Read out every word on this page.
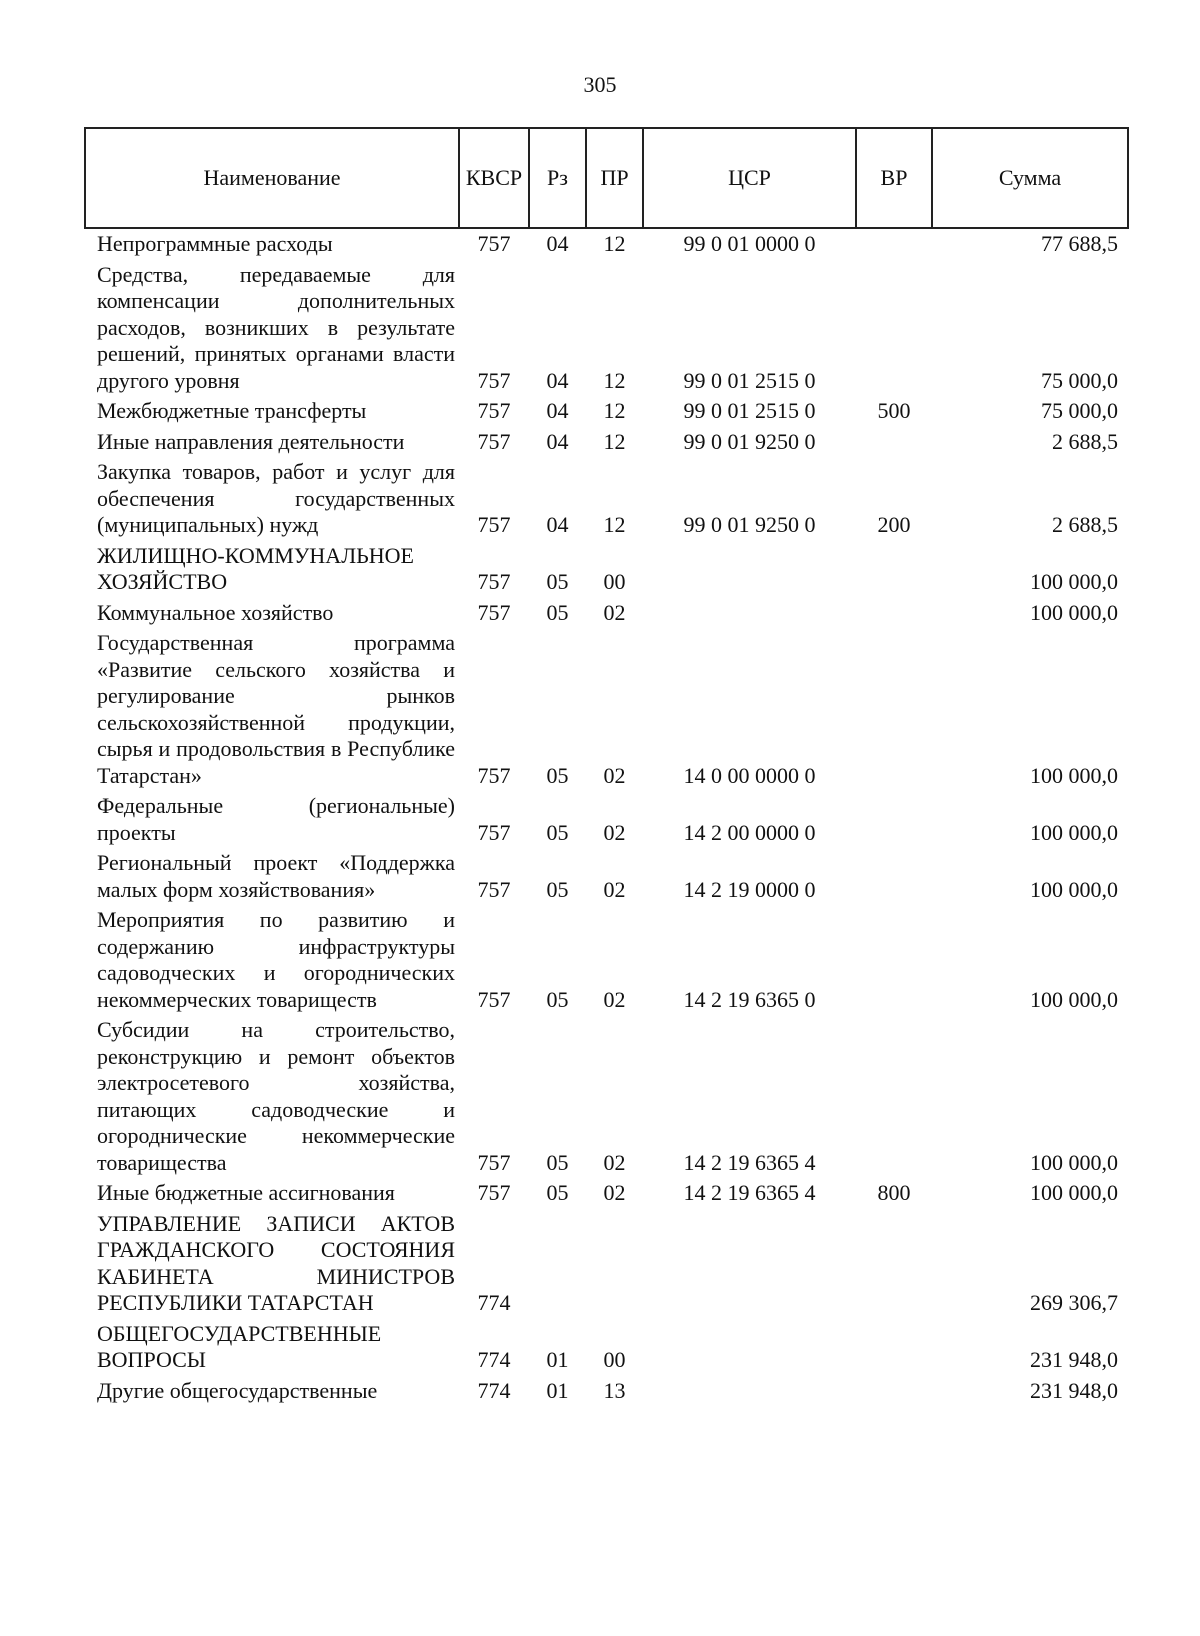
305
Наименование	КВСР	Рз	ПР	ЦСР	ВР	Сумма
Непрограммные расходы	757	04	12	99 0 01 0000 0		77 688,5
Средства, передаваемые для компенсации дополнительных расходов, возникших в результате решений, принятых органами власти другого уровня	757	04	12	99 0 01 2515 0		75 000,0
Межбюджетные трансферты	757	04	12	99 0 01 2515 0	500	75 000,0
Иные направления деятельности	757	04	12	99 0 01 9250 0		2 688,5
Закупка товаров, работ и услуг для обеспечения государственных (муниципальных) нужд	757	04	12	99 0 01 9250 0	200	2 688,5
ЖИЛИЩНО-КОММУНАЛЬНОЕ ХОЗЯЙСТВО	757	05	00			100 000,0
Коммунальное хозяйство	757	05	02			100 000,0
Государственная программа «Развитие сельского хозяйства и регулирование рынков сельскохозяйственной продукции, сырья и продовольствия в Республике Татарстан»	757	05	02	14 0 00 0000 0		100 000,0
Федеральные (региональные) проекты	757	05	02	14 2 00 0000 0		100 000,0
Региональный проект «Поддержка малых форм хозяйствования»	757	05	02	14 2 19 0000 0		100 000,0
Мероприятия по развитию и содержанию инфраструктуры садоводческих и огороднических некоммерческих товариществ	757	05	02	14 2 19 6365 0		100 000,0
Субсидии на строительство, реконструкцию и ремонт объектов электросетевого хозяйства, питающих садоводческие и огороднические некоммерческие товарищества	757	05	02	14 2 19 6365 4		100 000,0
Иные бюджетные ассигнования	757	05	02	14 2 19 6365 4	800	100 000,0
УПРАВЛЕНИЕ ЗАПИСИ АКТОВ ГРАЖДАНСКОГО СОСТОЯНИЯ КАБИНЕТА МИНИСТРОВ РЕСПУБЛИКИ ТАТАРСТАН	774					269 306,7
ОБЩЕГОСУДАРСТВЕННЫЕ ВОПРОСЫ	774	01	00			231 948,0
Другие общегосударственные	774	01	13			231 948,0
